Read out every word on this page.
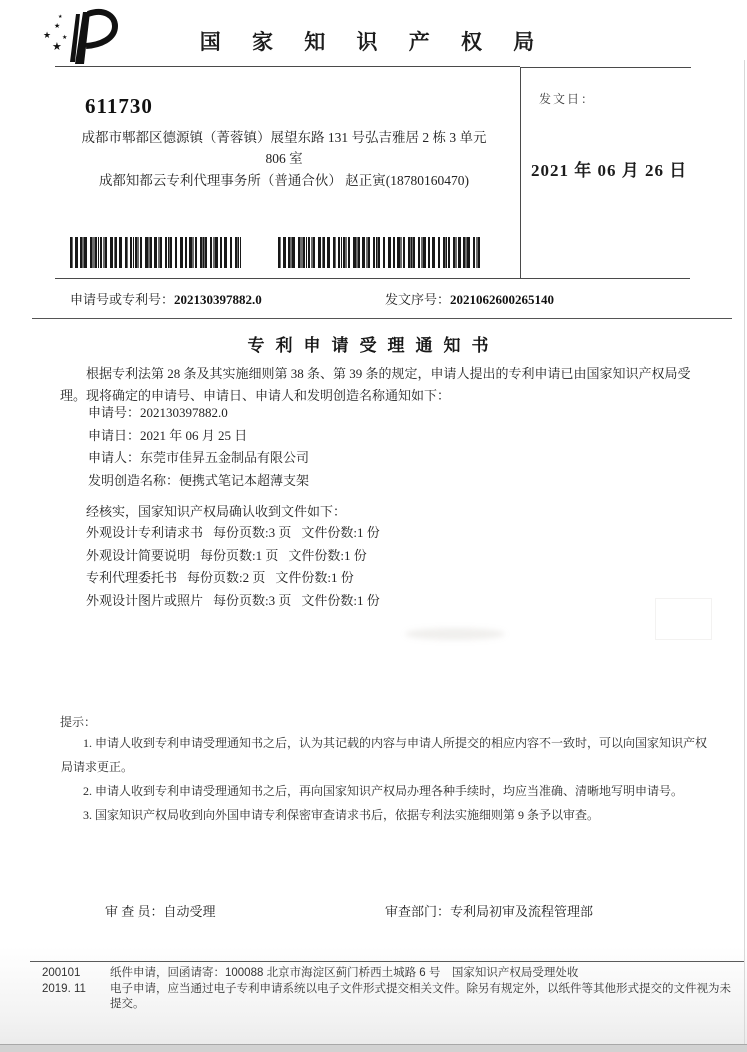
★
★
★
★
★
国 家 知 识 产 权 局
发文日：
2021 年 06 月 26 日
611730
成都市郫都区德源镇（菁蓉镇）展望东路 131 号弘吉雅居 2 栋 3 单元
806 室
成都知都云专利代理事务所（普通合伙） 赵正寅(18780160470)
申请号或专利号：202130397882.0	发文序号：2021062600265140
专利申请受理通知书
根据专利法第 28 条及其实施细则第 38 条、第 39 条的规定，申请人提出的专利申请已由国家知识产权局受理。现将确定的申请号、申请日、申请人和发明创造名称通知如下：
申请号：202130397882.0
申请日：2021 年 06 月 25 日
申请人：东莞市佳昇五金制品有限公司
发明创造名称：便携式笔记本超薄支架
经核实，国家知识产权局确认收到文件如下：
外观设计专利请求书 每份页数:3 页 文件份数:1 份
外观设计简要说明 每份页数:1 页 文件份数:1 份
专利代理委托书 每份页数:2 页 文件份数:1 份
外观设计图片或照片 每份页数:3 页 文件份数:1 份
提示：

1. 申请人收到专利申请受理通知书之后，认为其记载的内容与申请人所提交的相应内容不一致时，可以向国家知识产权局请求更正。

2. 申请人收到专利申请受理通知书之后，再向国家知识产权局办理各种手续时，均应当准确、清晰地写明申请号。

3. 国家知识产权局收到向外国申请专利保密审查请求书后，依据专利法实施细则第 9 条予以审查。

审 查 员：自动受理	审查部门：专利局初审及流程管理部
200101
2019. 11
纸件申请，回函请寄：100088 北京市海淀区蓟门桥西土城路 6 号　国家知识产权局受理处收
电子申请，应当通过电子专利申请系统以电子文件形式提交相关文件。除另有规定外，以纸件等其他形式提交的文件视为未提交。
